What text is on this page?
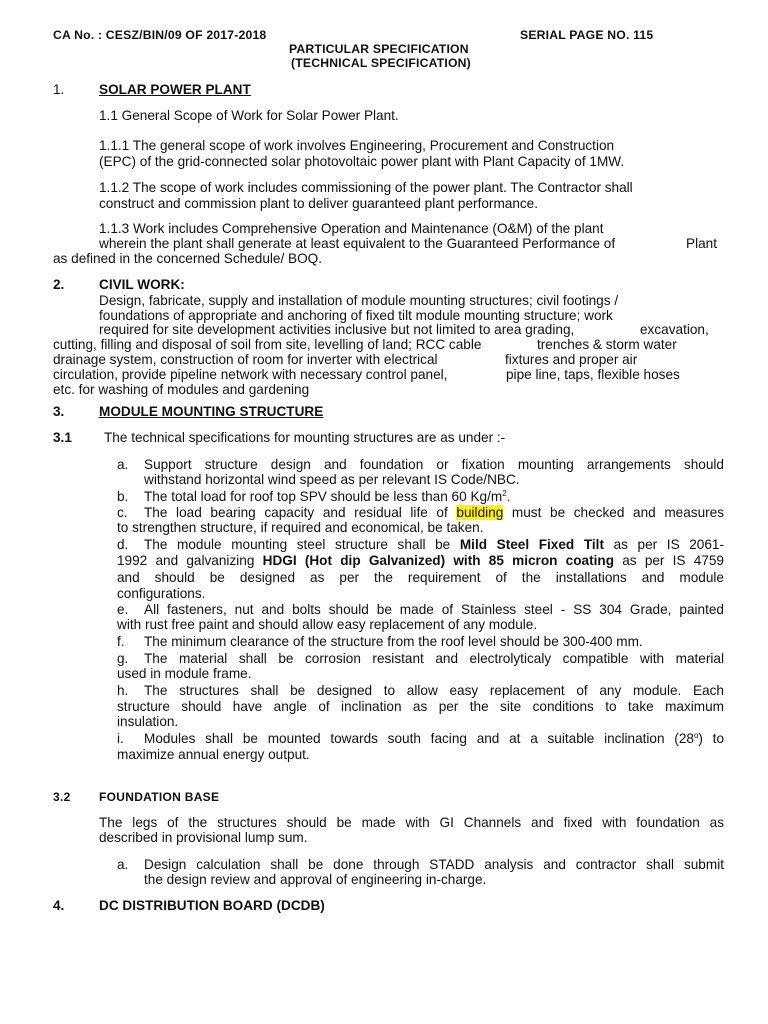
CA No. : CESZ/BIN/09 OF 2017-2018	SERIAL PAGE NO. 115
PARTICULAR SPECIFICATION
(TECHNICAL SPECIFICATION)
1.	SOLAR POWER PLANT
1.1 General Scope of Work for Solar Power Plant.
1.1.1 The general scope of work involves Engineering, Procurement and Construction
(EPC) of the grid-connected solar photovoltaic power plant with Plant Capacity of 1MW.
1.1.2 The scope of work includes commissioning of the power plant. The Contractor shall
construct and commission plant to deliver guaranteed plant performance.
1.1.3 Work includes Comprehensive Operation and Maintenance (O&M) of the plant
wherein the plant shall generate at least equivalent to the Guaranteed Performance of	Plant
as defined in the concerned Schedule/ BOQ.
2.	CIVIL WORK:
Design, fabricate, supply and installation of module mounting structures; civil footings /
foundations of appropriate and anchoring of fixed tilt module mounting structure; work
required for site development activities inclusive but not limited to area grading,	excavation,
cutting, filling and disposal of soil from site, levelling of land; RCC cable	trenches & storm water
drainage system, construction of room for inverter with electrical	fixtures and proper air
circulation, provide pipeline network with necessary control panel,	pipe line, taps, flexible hoses
etc. for washing of modules and gardening
3.	MODULE MOUNTING STRUCTURE
3.1 The technical specifications for mounting structures are as under :-
a. Support structure design and foundation or fixation mounting arrangements should
withstand horizontal wind speed as per relevant IS Code/NBC.
b. The total load for roof top SPV should be less than 60 $Kg/m^2$.
c. The load bearing capacity and residual life of building must be checked and measures
to strengthen structure, if required and economical, be taken.
d. The module mounting steel structure shall be Mild Steel Fixed Tilt as per IS 2061-
1992 and galvanizing HDGI (Hot dip Galvanized) with 85 micron coating as per IS 4759
and should be designed as per the requirement of the installations and module
configurations.
e. All fasteners, nut and bolts should be made of Stainless steel - SS 304 Grade, painted
with rust free paint and should allow easy replacement of any module.
f. The minimum clearance of the structure from the roof level should be 300-400 mm.
g. The material shall be corrosion resistant and electrolyticaly compatible with material
used in module frame.
h. The structures shall be designed to allow easy replacement of any module. Each
structure should have angle of inclination as per the site conditions to take maximum
insulation.
i. Modules shall be mounted towards south facing and at a suitable inclination (28$^o$) to
maximize annual energy output.
3.2 FOUNDATION BASE
The legs of the structures should be made with GI Channels and fixed with foundation as
described in provisional lump sum.
a. Design calculation shall be done through STADD analysis and contractor shall submit
the design review and approval of engineering in-charge.
4.	DC DISTRIBUTION BOARD (DCDB)
